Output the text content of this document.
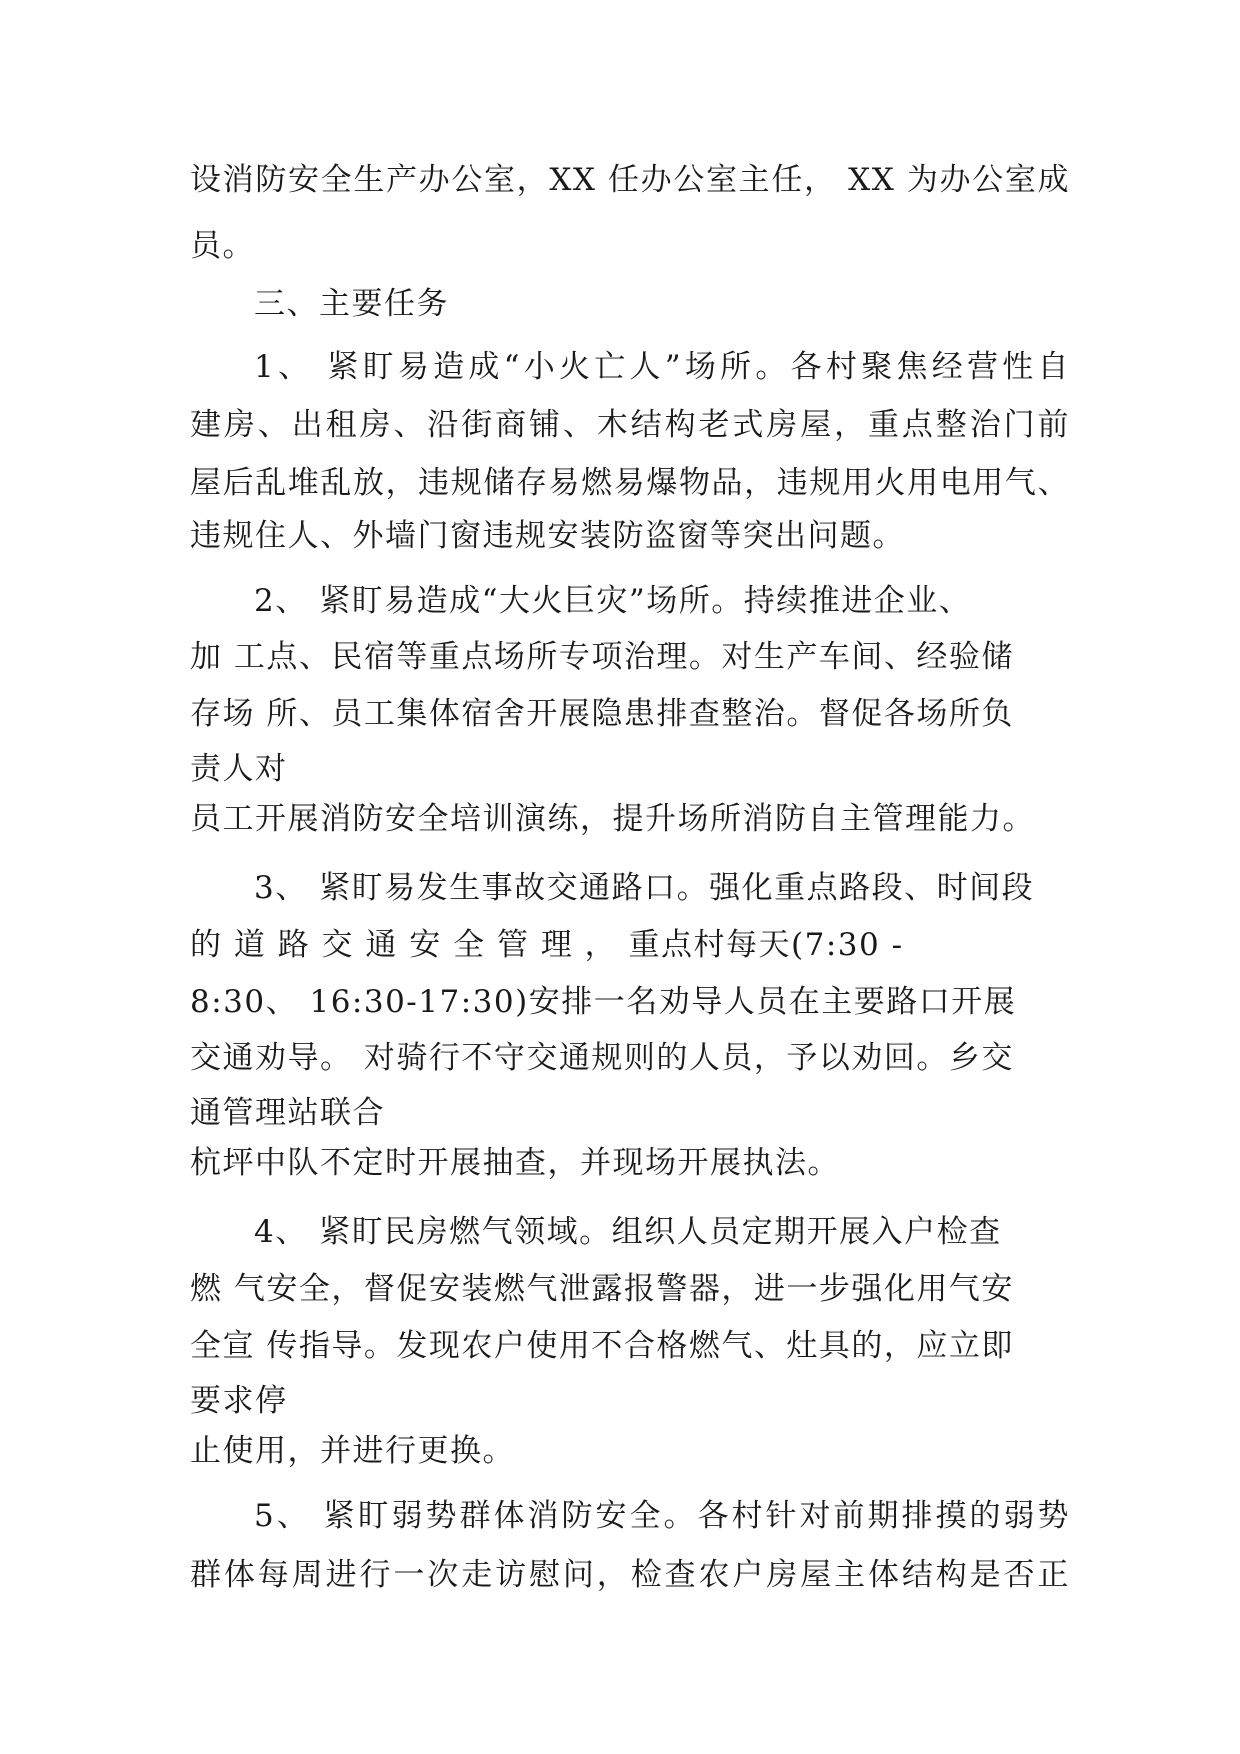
设消防安全生产办公室，XX 任办公室主任， XX 为办公室成
员。
三、主要任务
1、 紧盯易造成“小火亡人”场所。各村聚焦经营性自
建房、出租房、沿街商铺、木结构老式房屋，重点整治门前
屋后乱堆乱放，违规储存易燃易爆物品，违规用火用电用气、
违规住人、外墙门窗违规安装防盗窗等突出问题。
2、 紧盯易造成“大火巨灾”场所。持续推进企业、
加 工点、民宿等重点场所专项治理。对生产车间、经验储
存场 所、员工集体宿舍开展隐患排查整治。督促各场所负
责人对
员工开展消防安全培训演练，提升场所消防自主管理能力。
3、 紧盯易发生事故交通路口。强化重点路段、时间段
的 道 路 交 通 安 全 管 理 ， 重点村每天(7:30 -
8:30、 16:30-17:30)安排一名劝导人员在主要路口开展
交通劝导。 对骑行不守交通规则的人员，予以劝回。乡交
通管理站联合
杭坪中队不定时开展抽查，并现场开展执法。
4、 紧盯民房燃气领域。组织人员定期开展入户检查
燃 气安全，督促安装燃气泄露报警器，进一步强化用气安
全宣 传指导。发现农户使用不合格燃气、灶具的，应立即
要求停
止使用，并进行更换。
5、 紧盯弱势群体消防安全。各村针对前期排摸的弱势
群体每周进行一次走访慰问，检查农户房屋主体结构是否正
